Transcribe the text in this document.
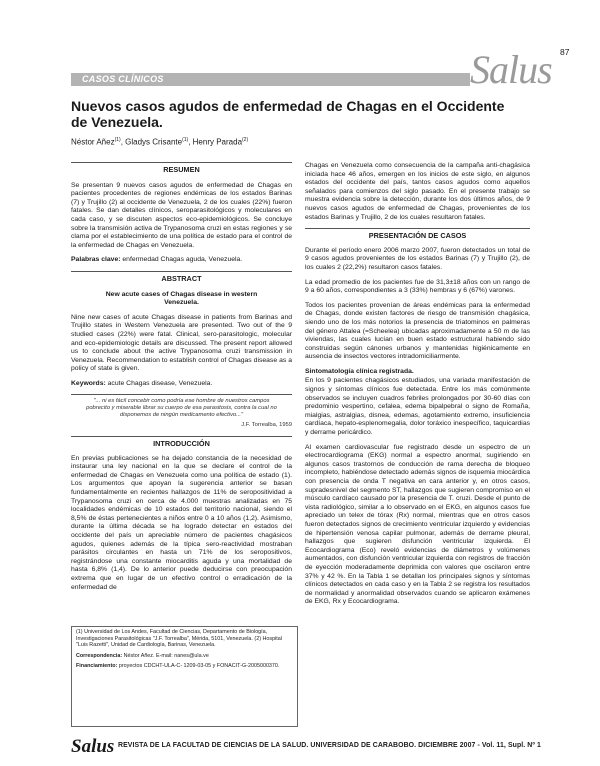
87
Salus
CASOS CLÍNICOS
Nuevos casos agudos de enfermedad de Chagas en el Occidente de Venezuela.
Néstor Añez$^{(1)}$, Gladys Crisante$^{(1)}$, Henry Parada$^{(2)}$
RESUMEN

Se presentan 9 nuevos casos agudos de enfermedad de Chagas en pacientes procedentes de regiones endémicas de los estados Barinas (7) y Trujillo (2) al occidente de Venezuela, 2 de los cuales (22%) fueron fatales. Se dan detalles clínicos, seroparasitológicos y moleculares en cada caso, y se discuten aspectos eco-epidemiológicos. Se concluye sobre la transmisión activa de Trypanosoma cruzi en estas regiones y se clama por el establecimiento de una política de estado para el control de la enfermedad de Chagas en Venezuela.

Palabras clave: enfermedad Chagas aguda, Venezuela.

ABSTRACT

New acute cases of Chagas disease in western Venezuela.

Nine new cases of acute Chagas disease in patients from Barinas and Trujillo states in Western Venezuela are presented. Two out of the 9 studied cases (22%) were fatal. Clinical, sero-parasitologic, molecular and eco-epidemiologic details are discussed. The present report allowed us to conclude about the active Trypanosoma cruzi transmission in Venezuela. Recommendation to establish control of Chagas disease as a policy of state is given.

Keywords: acute Chagas disease, Venezuela.

"... ni es fácil concebir como podría ese hombre de nuestros campos pobrecito y miserable librar su cuerpo de esa parasitosis, contra la cual no disponemos de ningún medicamento efectivo..."
J.F. Torrealba, 1959
INTRODUCCIÓN

En previas publicaciones se ha dejado constancia de la necesidad de instaurar una ley nacional en la que se declare el control de la enfermedad de Chagas en Venezuela como una política de estado (1). Los argumentos que apoyan la sugerencia anterior se basan fundamentalmente en recientes hallazgos de 11% de seropositividad a Trypanosoma cruzi en cerca de 4.000 muestras analizadas en 75 localidades endémicas de 10 estados del territorio nacional, siendo el 8,5% de éstas pertenecientes a niños entre 0 a 10 años (1,2). Asimismo, durante la última década se ha logrado detectar en estados del occidente del país un apreciable número de pacientes chagásicos agudos, quienes además de la típica sero-reactividad mostraban parásitos circulantes en hasta un 71% de los seropositivos, registrándose una constante miocarditis aguda y una mortalidad de hasta 6,8% (1,4). De lo anterior puede deducirse con preocupación extrema que en lugar de un efectivo control o erradicación de la enfermedad de

(1) Universidad de Los Andes, Facultad de Ciencias, Departamento de Biología, Investigaciones Parasitológicas "J.F. Torrealba", Mérida, 5101, Venezuela. (2) Hospital "Luis Razetti", Unidad de Cardiología, Barinas, Venezuela.

Correspondencia: Néstor Añez. E-mail: nanes@ula.ve

Financiamiento: proyectos CDCHT-ULA-C- 1209-03-05 y FONACIT-G-2005000370.

Chagas en Venezuela como consecuencia de la campaña anti-chagásica iniciada hace 46 años, emergen en los inicios de este siglo, en algunos estados del occidente del país, tantos casos agudos como aquellos señalados para comienzos del siglo pasado. En el presente trabajo se muestra evidencia sobre la detección, durante los dos últimos años, de 9 nuevos casos agudos de enfermedad de Chagas, provenientes de los estados Barinas y Trujillo, 2 de los cuales resultaron fatales.

PRESENTACIÓN DE CASOS

Durante el período enero 2006 marzo 2007, fueron detectados un total de 9 casos agudos provenientes de los estados Barinas (7) y Trujillo (2), de los cuales 2 (22,2%) resultaron casos fatales.

La edad promedio de los pacientes fue de 31,3±18 años con un rango de 9 a 60 años, correspondientes a 3 (33%) hembras y 6 (67%) varones.

Todos los pacientes provenían de áreas endémicas para la enfermedad de Chagas, donde existen factores de riesgo de transmisión chagásica, siendo uno de los más notorios la presencia de triatominos en palmeras del género Attalea (=Scheelea) ubicadas aproximadamente a 50 m de las viviendas, las cuales lucían en buen estado estructural habiendo sido construidas según cánones urbanos y mantenidas higiénicamente en ausencia de insectos vectores intradomiciliarmente.

Sintomatología clínica registrada.

En los 9 pacientes chagásicos estudiados, una variada manifestación de signos y síntomas clínicos fue detectada. Entre los más comúnmente observados se incluyen cuadros febriles prolongados por 30-60 días con predominio vespertino, cefalea, edema bipalpebral o signo de Romaña, mialgias, astralgias, disnea, edemas, agotamiento extremo, insuficiencia cardíaca, hepato-esplenomegalia, dolor toráxico inespecífico, taquicardias y derrame pericárdico.

Al examen cardiovascular fue registrado desde un espectro de un electrocardiograma (EKG) normal a espectro anormal, sugiriendo en algunos casos trastornos de conducción de rama derecha de bloqueo incompleto, habiéndose detectado además signos de isquemia miocárdica con presencia de onda T negativa en cara anterior y, en otros casos, supradesnivel del segmento ST, hallazgos que sugieren compromiso en el músculo cardíaco causado por la presencia de T. cruzi. Desde el punto de vista radiológico, similar a lo observado en el EKG, en algunos casos fue apreciado un telex de tórax (Rx) normal, mientras que en otros casos fueron detectados signos de crecimiento ventricular izquierdo y evidencias de hipertensión venosa capilar pulmonar, además de derrame pleural, hallazgos que sugieren disfunción ventricular izquierda. El Ecocardiograma (Eco) reveló evidencias de diámetros y volúmenes aumentados, con disfunción ventricular izquierda con registros de fracción de eyección moderadamente deprimida con valores que oscilaron entre 37% y 42 %. En la Tabla 1 se detallan los principales signos y síntomas clínicos detectados en cada caso y en la Tabla 2 se registra los resultados de normalidad y anormalidad observados cuando se aplicaron exámenes de EKG, Rx y Ecocardiograma.

Salus REVISTA DE LA FACULTAD DE CIENCIAS DE LA SALUD. UNIVERSIDAD DE CARABOBO. DICIEMBRE 2007 - Vol. 11, Supl. Nº 1
